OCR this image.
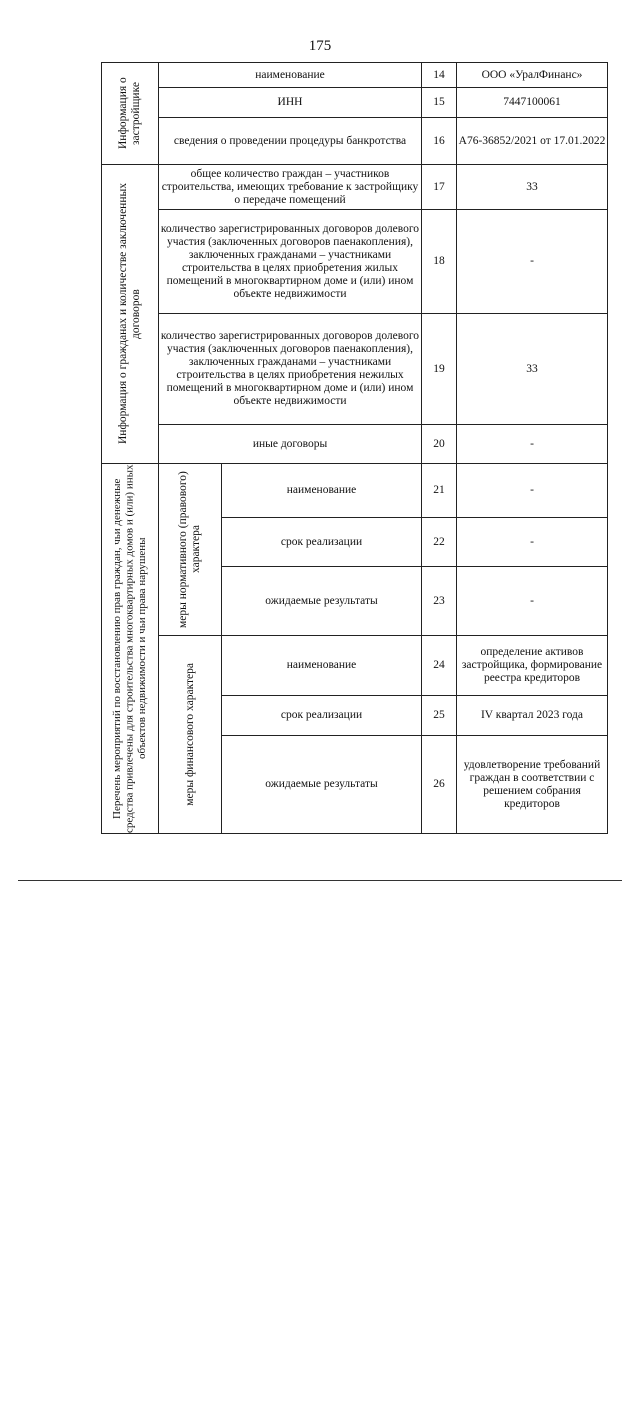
175
Информация о застройщике	наименование		14	ООО «УралФинанс»
	ИНН		15	7447100061
	сведения о проведении процедуры банкротства		16	А76-36852/2021 от 17.01.2022

Информация о гражданах и количестве заключенных договоров	общее количество граждан – участников строительства, имеющих требование к застройщику о передаче помещений		17	33
	количество зарегистрированных договоров долевого участия (заключенных договоров паенакопления), заключенных гражданами – участниками строительства в целях приобретения жилых помещений в многоквартирном доме и (или) ином объекте недвижимости		18	-
	количество зарегистрированных договоров долевого участия (заключенных договоров паенакопления), заключенных гражданами – участниками строительства в целях приобретения нежилых помещений в многоквартирном доме и (или) ином объекте недвижимости		19	33
	иные договоры		20	-

Перечень мероприятий по восстановлению прав граждан, чьи денежные средства привлечены для строительства многоквартирных домов и (или) иных объектов недвижимости и чьи права нарушены	меры нормативного (правового) характера	наименование	21	-
		срок реализации	22	-
		ожидаемые результаты	23	-

	меры финансового характера	наименование	24	определение активов застройщика, формирование реестра кредиторов
		срок реализации	25	IV квартал 2023 года
		ожидаемые результаты	26	удовлетворение требований граждан в соответствии с решением собрания кредиторов
